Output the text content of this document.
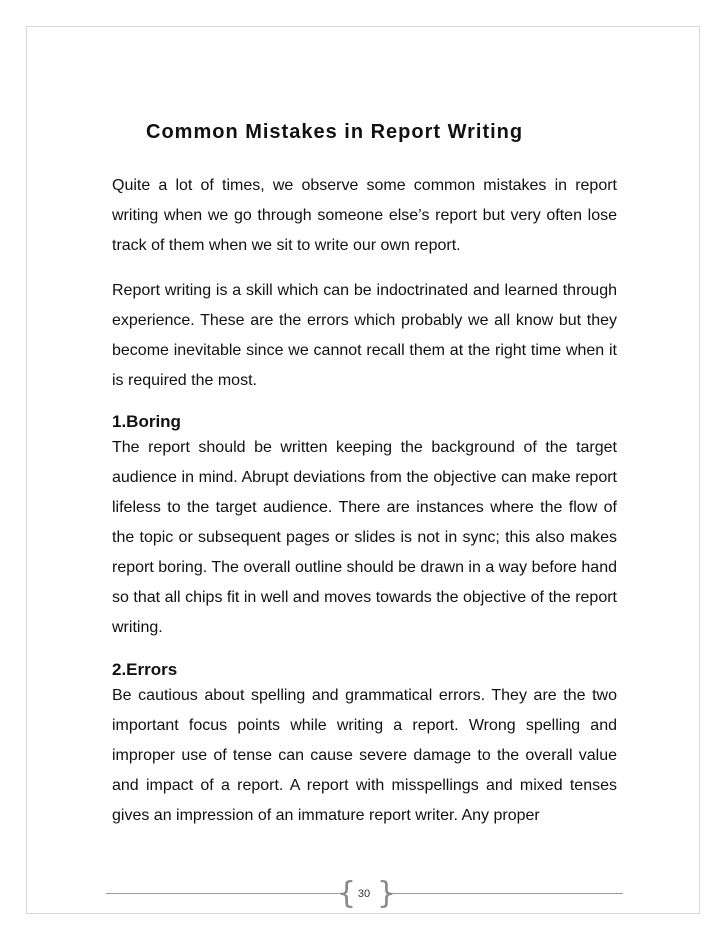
Common Mistakes in Report Writing

Quite a lot of times, we observe some common mistakes in report writing when we go through someone else’s report but very often lose track of them when we sit to write our own report.

Report writing is a skill which can be indoctrinated and learned through experience. These are the errors which probably we all know but they become inevitable since we cannot recall them at the right time when it is required the most.

1.Boring

The report should be written keeping the background of the target audience in mind. Abrupt deviations from the objective can make report lifeless to the target audience. There are instances where the flow of the topic or subsequent pages or slides is not in sync; this also makes report boring. The overall outline should be drawn in a way before hand so that all chips fit in well and moves towards the objective of the report writing.

2.Errors

Be cautious about spelling and grammatical errors. They are the two important focus points while writing a report. Wrong spelling and improper use of tense can cause severe damage to the overall value and impact of a report. A report with misspellings and mixed tenses gives an impression of an immature report writer. Any proper

{ }
30
